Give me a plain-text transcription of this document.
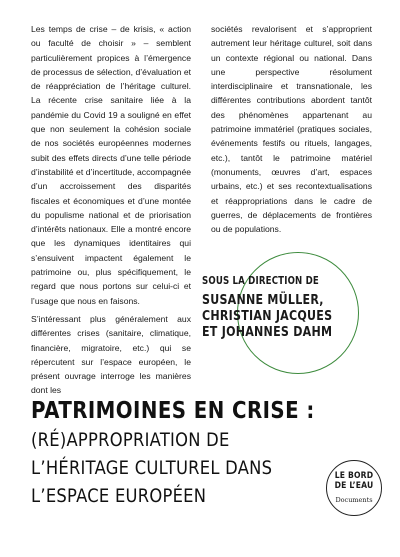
Les temps de crise – de krisis, « action ou faculté de choisir » – semblent particulièrement propices à l’émergence de processus de sélection, d’évaluation et de réappréciation de l’héritage culturel. La récente crise sanitaire liée à la pandémie du Covid 19 a souligné en effet que non seulement la cohésion sociale de nos sociétés européennes modernes subit des effets directs d’une telle période d’instabilité et d’incertitude, accompagnée d’un accroissement des disparités fiscales et économiques et d’une montée du populisme national et de priorisation d’intérêts nationaux. Elle a montré encore que les dynamiques identitaires qui s’ensuivent impactent également le patrimoine ou, plus spécifiquement, le regard que nous portons sur celui-ci et l’usage que nous en faisons.

S’intéressant plus généralement aux différentes crises (sanitaire, climatique, financière, migratoire, etc.) qui se répercutent sur l’espace européen, le présent ouvrage interroge les manières dont les

sociétés revalorisent et s’approprient autrement leur héritage culturel, soit dans un contexte régional ou national. Dans une perspective résolument interdisciplinaire et transnationale, les différentes contributions abordent tantôt des phénomènes appartenant au patrimoine immatériel (pratiques sociales, événements festifs ou rituels, langages, etc.), tantôt le patrimoine matériel (monuments, œuvres d’art, espaces urbains, etc.) et ses recontextualisations et réappropriations dans le cadre de guerres, de déplacements de frontières ou de populations.

SOUS LA DIRECTION DE
SUSANNE MÜLLER,
CHRISTIAN JACQUES
ET JOHANNES DAHM
PATRIMOINES EN CRISE :
(RÉ)APPROPRIATION DE
L’HÉRITAGE CULTUREL DANS
L’ESPACE EUROPÉEN
LE BORD
DE L’EAU
Documents
